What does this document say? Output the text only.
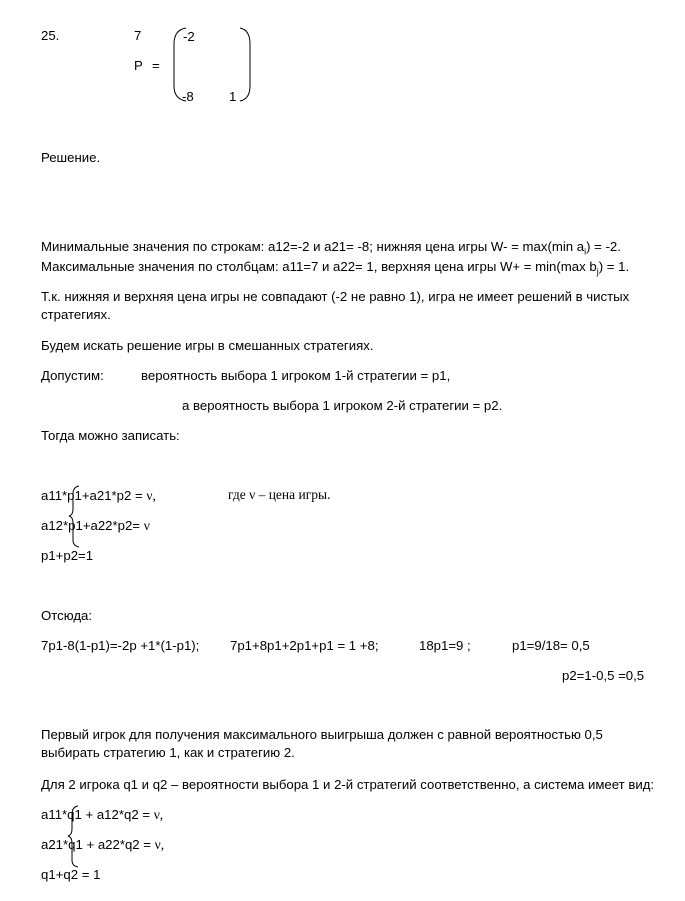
25.	7	-2
P =
-8	1
Решение.
Минимальные значения по строкам: a12=-2 и a21= -8; нижняя цена игры W- = max(min $a_i) = -2$.
Максимальные значения по столбцам: a11=7 и a22= 1, верхняя цена игры W+ = min(max $b_j) = 1$.
Т.к. нижняя и верхняя цена игры не совпадают (-2 не равно 1), игра не имеет решений в чистых
стратегиях.
Будем искать решение игры в смешанных стратегиях.
Допустим:	вероятность выбора 1 игроком 1-й стратегии = p1,
а вероятность выбора 1 игроком 2-й стратегии = p2.
Тогда можно записать:
a11*p1+a21*p2 = ν,	где ν – цена игры.
a12*p1+a22*p2= ν
p1+p2=1
Отсюда:
7p1-8(1-p1)=-2p +1*(1-p1); 7p1+8p1+2p1+p1 = 1 +8;	18p1=9 ;	p1=9/18= 0,5
p2=1-0,5 =0,5
Первый игрок для получения максимального выигрыша должен с равной вероятностью 0,5
выбирать стратегию 1, как и стратегию 2.
Для 2 игрока q1 и q2 – вероятности выбора 1 и 2-й стратегий соответственно, а система имеет вид:
a11*q1 + a12*q2 = ν,
a21*q1 + a22*q2 = ν,
q1+q2 = 1
